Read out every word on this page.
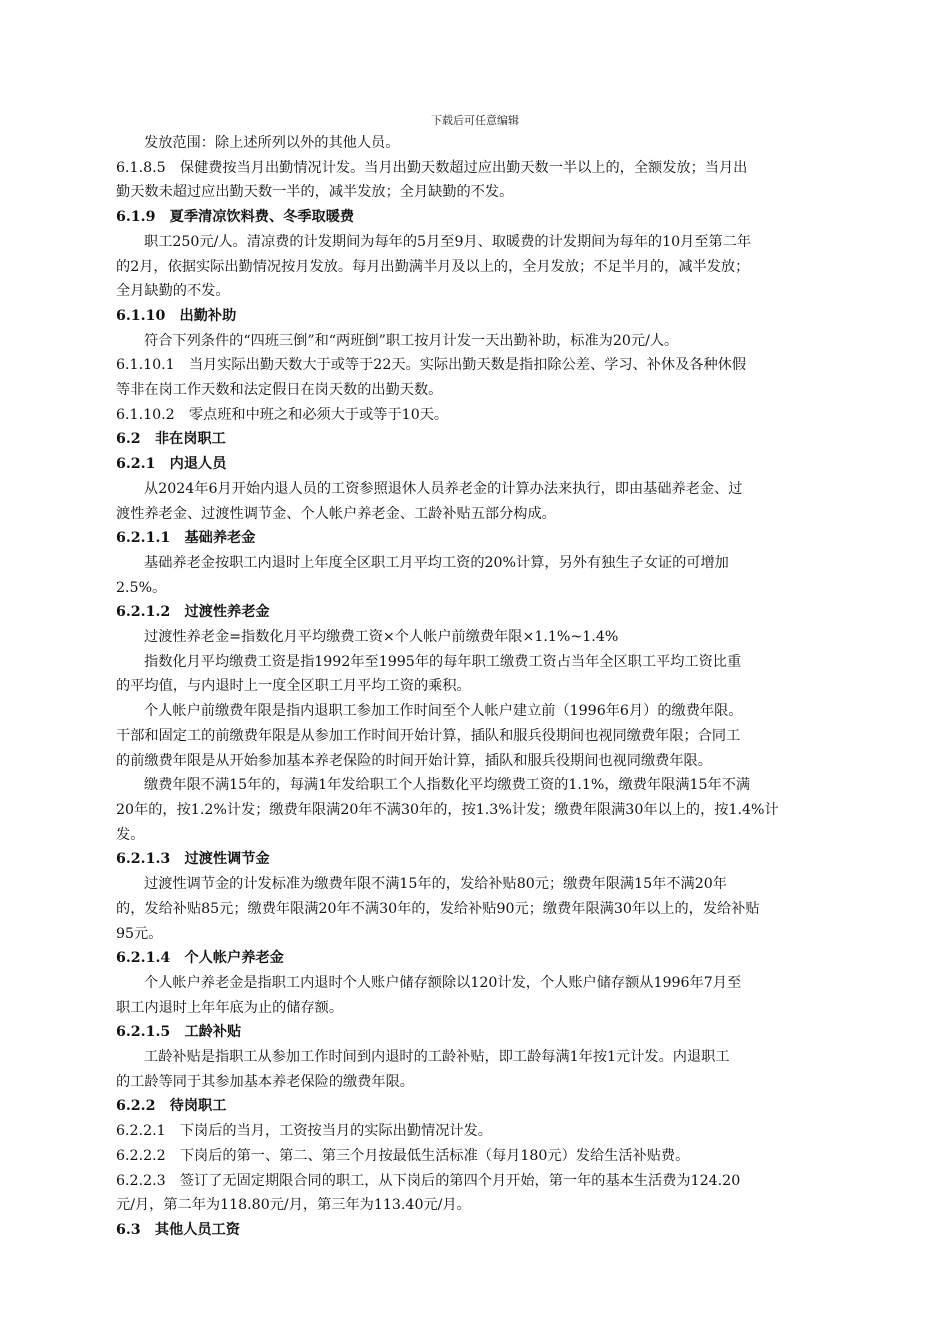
下载后可任意编辑

发放范围：除上述所列以外的其他人员。

6.1.8.5　保健费按当月出勤情况计发。当月出勤天数超过应出勤天数一半以上的，全额发放；当月出

勤天数未超过应出勤天数一半的，减半发放；全月缺勤的不发。

6.1.9　夏季清凉饮料费、冬季取暖费

职工250元/人。清凉费的计发期间为每年的5月至9月、取暖费的计发期间为每年的10月至第二年

的2月，依据实际出勤情况按月发放。每月出勤满半月及以上的，全月发放；不足半月的，减半发放；

全月缺勤的不发。

6.1.10　出勤补助

符合下列条件的“四班三倒”和“两班倒”职工按月计发一天出勤补助，标准为20元/人。

6.1.10.1　当月实际出勤天数大于或等于22天。实际出勤天数是指扣除公差、学习、补休及各种休假

等非在岗工作天数和法定假日在岗天数的出勤天数。

6.1.10.2　零点班和中班之和必须大于或等于10天。

6.2　非在岗职工

6.2.1　内退人员

从2024年6月开始内退人员的工资参照退休人员养老金的计算办法来执行，即由基础养老金、过

渡性养老金、过渡性调节金、个人帐户养老金、工龄补贴五部分构成。

6.2.1.1　基础养老金

基础养老金按职工内退时上年度全区职工月平均工资的20%计算，另外有独生子女证的可增加

2.5%。

6.2.1.2　过渡性养老金

过渡性养老金=指数化月平均缴费工资×个人帐户前缴费年限×1.1%~1.4%

指数化月平均缴费工资是指1992年至1995年的每年职工缴费工资占当年全区职工平均工资比重

的平均值，与内退时上一度全区职工月平均工资的乘积。

个人帐户前缴费年限是指内退职工参加工作时间至个人帐户建立前（1996年6月）的缴费年限。

干部和固定工的前缴费年限是从参加工作时间开始计算，插队和服兵役期间也视同缴费年限；合同工

的前缴费年限是从开始参加基本养老保险的时间开始计算，插队和服兵役期间也视同缴费年限。

缴费年限不满15年的，每满1年发给职工个人指数化平均缴费工资的1.1%，缴费年限满15年不满

20年的，按1.2%计发；缴费年限满20年不满30年的，按1.3%计发；缴费年限满30年以上的，按1.4%计

发。

6.2.1.3　过渡性调节金

过渡性调节金的计发标准为缴费年限不满15年的，发给补贴80元；缴费年限满15年不满20年

的，发给补贴85元；缴费年限满20年不满30年的，发给补贴90元；缴费年限满30年以上的，发给补贴

95元。

6.2.1.4　个人帐户养老金

个人帐户养老金是指职工内退时个人账户储存额除以120计发，个人账户储存额从1996年7月至

职工内退时上年年底为止的储存额。

6.2.1.5　工龄补贴

工龄补贴是指职工从参加工作时间到内退时的工龄补贴，即工龄每满1年按1元计发。内退职工

的工龄等同于其参加基本养老保险的缴费年限。

6.2.2　待岗职工

6.2.2.1　下岗后的当月，工资按当月的实际出勤情况计发。

6.2.2.2　下岗后的第一、第二、第三个月按最低生活标准（每月180元）发给生活补贴费。

6.2.2.3　签订了无固定期限合同的职工，从下岗后的第四个月开始，第一年的基本生活费为124.20

元/月，第二年为118.80元/月，第三年为113.40元/月。

6.3　其他人员工资
